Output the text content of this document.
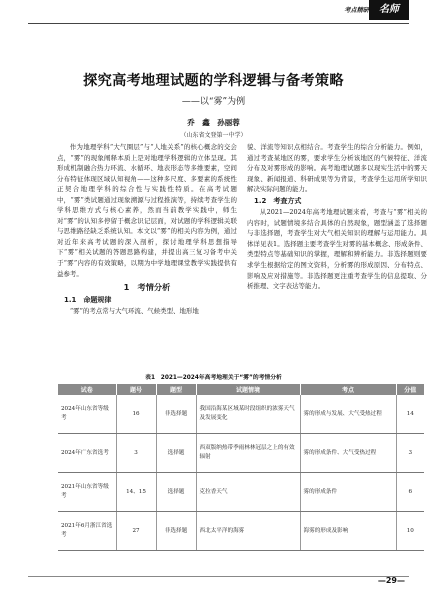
考点精研	名师
探究高考地理试题的学科逻辑与备考策略
——以“雾”为例
乔　鑫　孙丽蓉
（山东省文登第一中学）

作为地理学科“大气圈层”与“人地关系”的核心概念的交会点，“雾”的现象阐释本质上是对地理学科逻辑的立体呈现。其形成机制融合热力环流、水循环、地表形态等多维要素，空间分布特征体现区域认知视角——这种多尺度、多要素的系统性正契合地理学科的综合性与实践性特质。在高考试题中，“雾”类试题通过现象溯源与过程推演等，持续考查学生的学科思维方式与核心素养，然而当前教学实践中，师生对“雾”的认知多停留于概念识记层面，对试题的学科逻辑关联与思维路径缺乏系统认知。本文以“雾”的相关内容为例，通过对近年来高考试题的深入剖析，探讨地理学科思想指导下“雾”相关试题的答题思路构建，并提出高三复习备考中关于“雾”内容的有效策略，以期为中学地理课堂教学实践提供有益参考。

1　考情分析
1.1　命题规律

“雾”的考点常与大气环流、气候类型、地形地

貌、洋流等知识点相结合。考查学生的综合分析能力。例如，通过考查某地区的雾，要求学生分析该地区的气候特征、洋流分布及对雾形成的影响。高考地理试题多以现实生活中的雾天现象、新闻报道、科研成果等为背景，考查学生运用所学知识解决实际问题的能力。

1.2　考查方式

从2021—2024年高考地理试题来看，考查与“雾”相关的内容时，试题情境多结合具体的自然现象，题型涵盖了选择题与非选择题，考查学生对大气相关知识的理解与运用能力。具体详见表1。选择题主要考查学生对雾的基本概念、形成条件、类型特点等基础知识的掌握，理解和辨析能力。非选择题则要求学生根据给定的图文资料，分析雾的形成原因、分布特点、影响及应对措施等。非选择题更注重考查学生的信息提取、分析推理、文字表达等能力。

表1　2021—2024年高考地理关于“雾”的考情分析
试卷	题号	题型	试题情境	考点	分值
2024年山东省等级考	16	非选择题	我国沿海某区域某时段组织的浓雾天气及发展变化	雾的形成与发展、大气受热过程	14
2024年广东省选考	3	选择题	西双版纳热带季雨林林冠层之上的有效辐射	雾的形成条件、大气受热过程	3
2021年山东省等级考	14、15	选择题	克拉香天气	雾的形成条件	6
2021年6月浙江省选考	27	非选择题	西北太平洋的海雾	海雾的形成及影响	10
—29—
